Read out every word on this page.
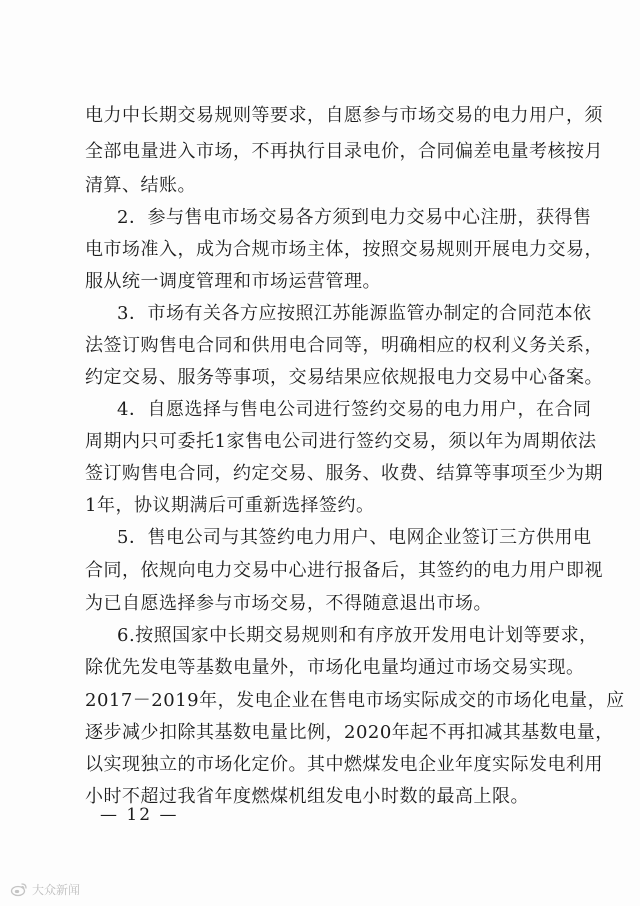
电力中长期交易规则等要求，自愿参与市场交易的电力用户，须
全部电量进入市场，不再执行目录电价，合同偏差电量考核按月
清算、结账。
2．参与售电市场交易各方须到电力交易中心注册，获得售
电市场准入，成为合规市场主体，按照交易规则开展电力交易，
服从统一调度管理和市场运营管理。
3．市场有关各方应按照江苏能源监管办制定的合同范本依
法签订购售电合同和供用电合同等，明确相应的权利义务关系，
约定交易、服务等事项，交易结果应依规报电力交易中心备案。
4．自愿选择与售电公司进行签约交易的电力用户，在合同
周期内只可委托1家售电公司进行签约交易，须以年为周期依法
签订购售电合同，约定交易、服务、收费、结算等事项至少为期
1年，协议期满后可重新选择签约。
5．售电公司与其签约电力用户、电网企业签订三方供用电
合同，依规向电力交易中心进行报备后，其签约的电力用户即视
为已自愿选择参与市场交易，不得随意退出市场。
6.按照国家中长期交易规则和有序放开发用电计划等要求，
除优先发电等基数电量外，市场化电量均通过市场交易实现。
2017－2019年，发电企业在售电市场实际成交的市场化电量，应
逐步减少扣除其基数电量比例，2020年起不再扣减其基数电量，
以实现独立的市场化定价。其中燃煤发电企业年度实际发电利用
小时不超过我省年度燃煤机组发电小时数的最高上限。
— 12 —
大众新闻
